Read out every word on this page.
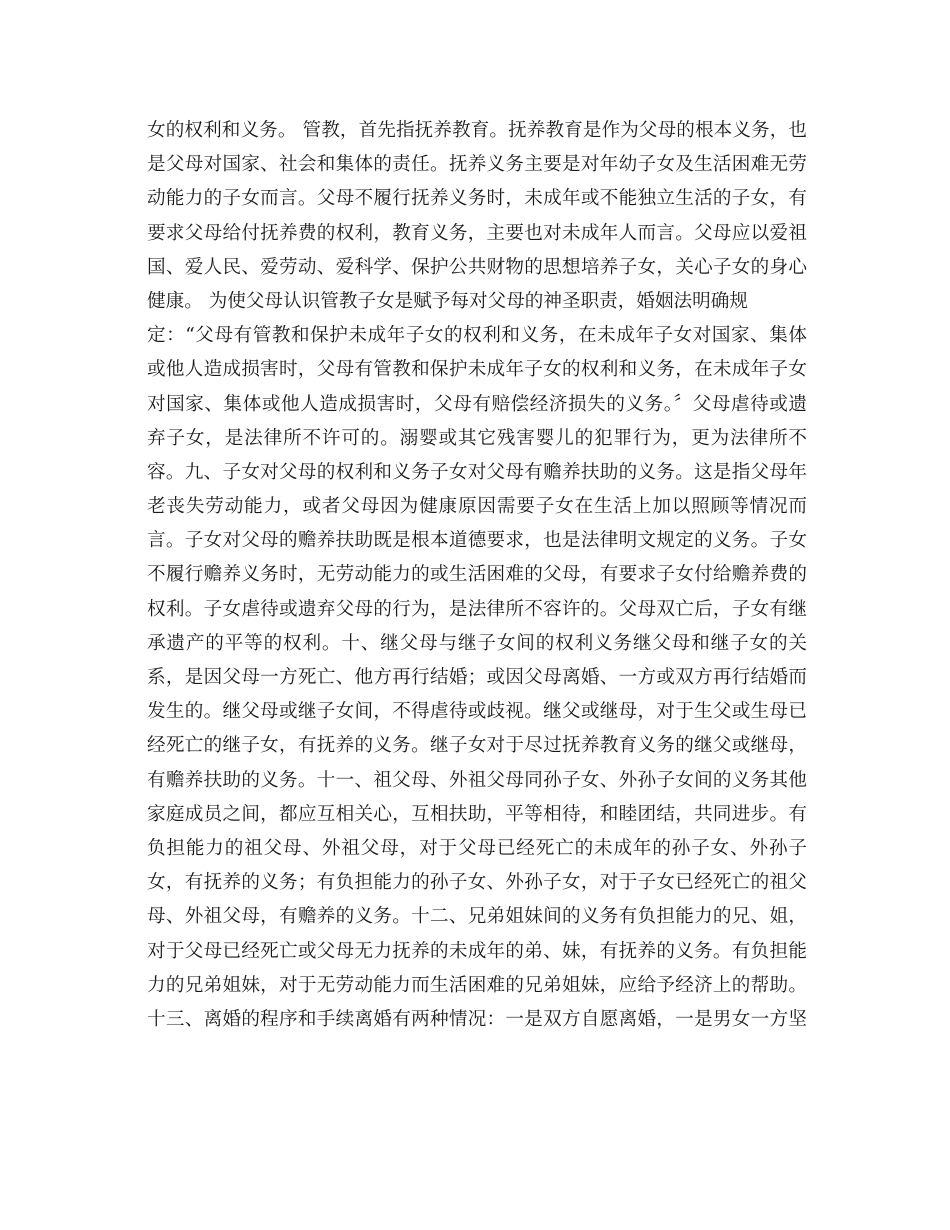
女的权利和义务。 管教，首先指抚养教育。抚养教育是作为父母的根本义务，也
是父母对国家、社会和集体的责任。抚养义务主要是对年幼子女及生活困难无劳
动能力的子女而言。父母不履行抚养义务时，未成年或不能独立生活的子女，有
要求父母给付抚养费的权利，教育义务，主要也对未成年人而言。父母应以爱祖
国、爱人民、爱劳动、爱科学、保护公共财物的思想培养子女，关心子女的身心
健康。 为使父母认识管教子女是赋予每对父母的神圣职责，婚姻法明确规
定：“父母有管教和保护未成年子女的权利和义务，在未成年子女对国家、集体
或他人造成损害时，父母有管教和保护未成年子女的权利和义务，在未成年子女
对国家、集体或他人造成损害时，父母有赔偿经济损失的义务。〞父母虐待或遗
弃子女，是法律所不许可的。溺婴或其它残害婴儿的犯罪行为，更为法律所不
容。九、子女对父母的权利和义务子女对父母有赡养扶助的义务。这是指父母年
老丧失劳动能力，或者父母因为健康原因需要子女在生活上加以照顾等情况而
言。子女对父母的赡养扶助既是根本道德要求，也是法律明文规定的义务。子女
不履行赡养义务时，无劳动能力的或生活困难的父母，有要求子女付给赡养费的
权利。子女虐待或遗弃父母的行为，是法律所不容许的。父母双亡后，子女有继
承遗产的平等的权利。十、继父母与继子女间的权利义务继父母和继子女的关
系，是因父母一方死亡、他方再行结婚；或因父母离婚、一方或双方再行结婚而
发生的。继父母或继子女间，不得虐待或歧视。继父或继母，对于生父或生母已
经死亡的继子女，有抚养的义务。继子女对于尽过抚养教育义务的继父或继母，
有赡养扶助的义务。十一、祖父母、外祖父母同孙子女、外孙子女间的义务其他
家庭成员之间，都应互相关心，互相扶助，平等相待，和睦团结，共同进步。有
负担能力的祖父母、外祖父母，对于父母已经死亡的未成年的孙子女、外孙子
女，有抚养的义务；有负担能力的孙子女、外孙子女，对于子女已经死亡的祖父
母、外祖父母，有赡养的义务。十二、兄弟姐妹间的义务有负担能力的兄、姐，
对于父母已经死亡或父母无力抚养的未成年的弟、妹，有抚养的义务。有负担能
力的兄弟姐妹，对于无劳动能力而生活困难的兄弟姐妹，应给予经济上的帮助。
十三、离婚的程序和手续离婚有两种情况：一是双方自愿离婚，一是男女一方坚
